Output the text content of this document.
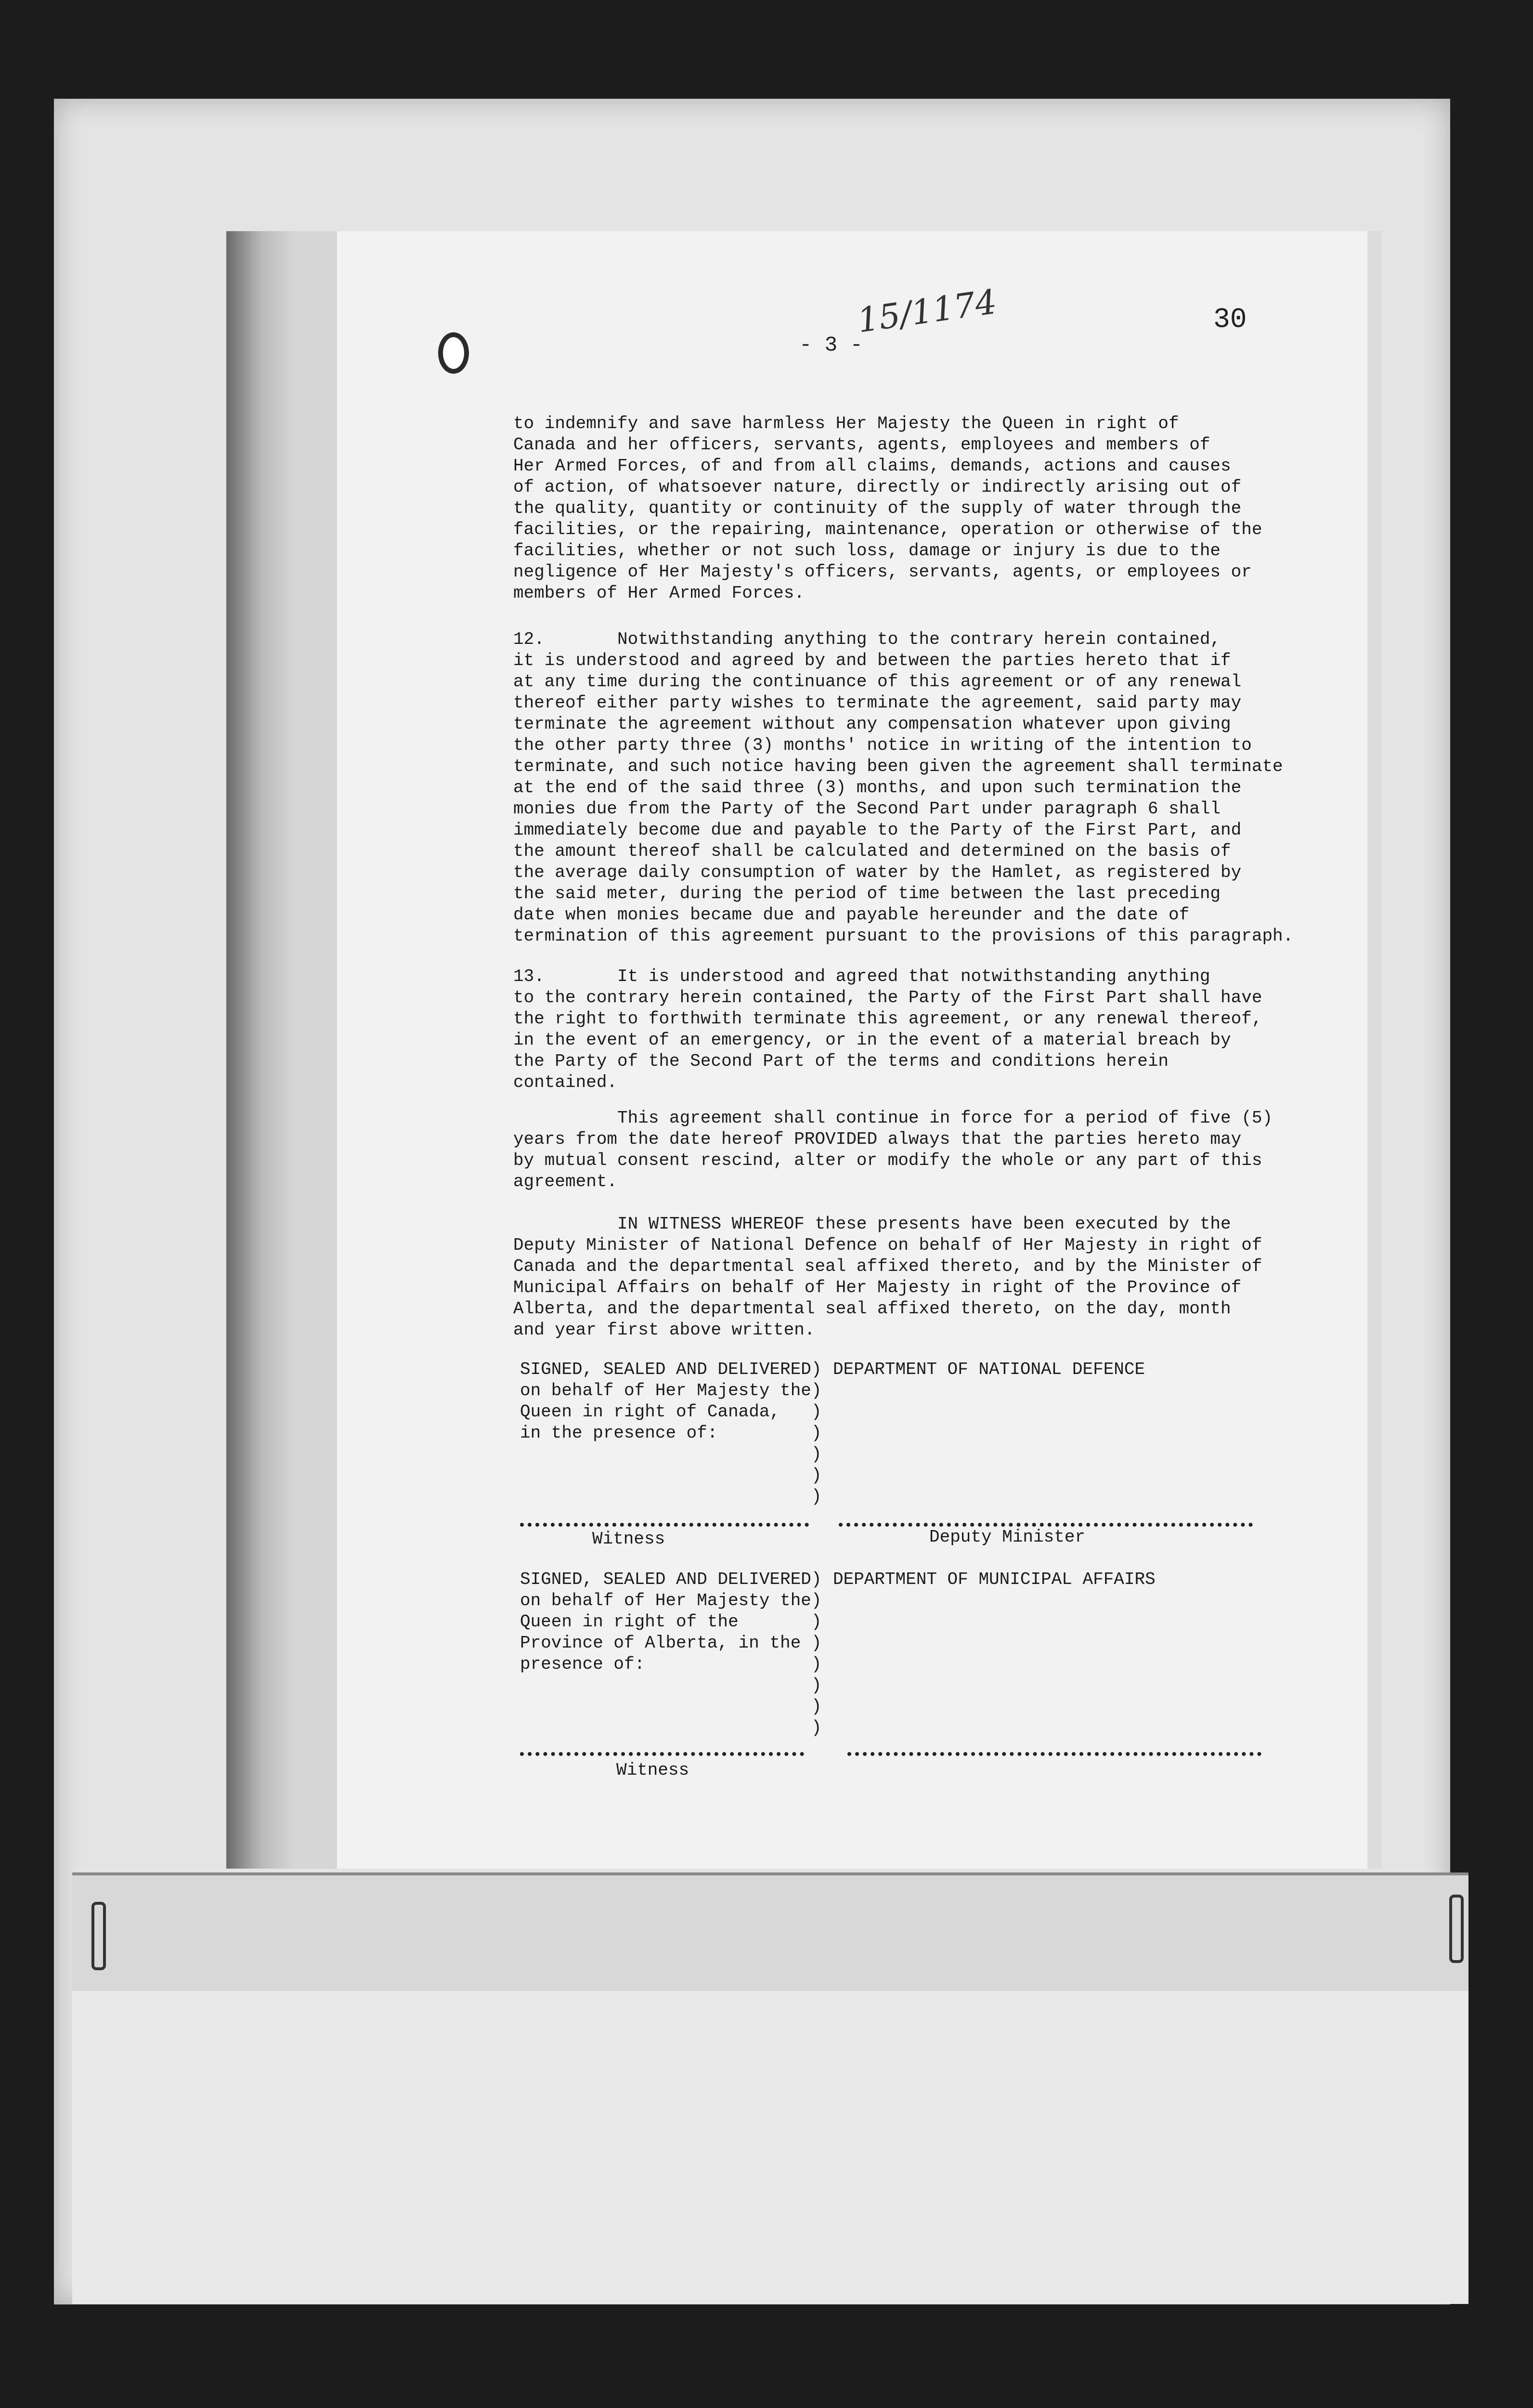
15/1174
- 3 -
30
to indemnify and save harmless Her Majesty the Queen in right of
Canada and her officers, servants, agents, employees and members of
Her Armed Forces, of and from all claims, demands, actions and causes
of action, of whatsoever nature, directly or indirectly arising out of
the quality, quantity or continuity of the supply of water through the
facilities, or the repairing, maintenance, operation or otherwise of the
facilities, whether or not such loss, damage or injury is due to the
negligence of Her Majesty's officers, servants, agents, or employees or
members of Her Armed Forces.
12.       Notwithstanding anything to the contrary herein contained,
it is understood and agreed by and between the parties hereto that if
at any time during the continuance of this agreement or of any renewal
thereof either party wishes to terminate the agreement, said party may
terminate the agreement without any compensation whatever upon giving
the other party three (3) months' notice in writing of the intention to
terminate, and such notice having been given the agreement shall terminate
at the end of the said three (3) months, and upon such termination the
monies due from the Party of the Second Part under paragraph 6 shall
immediately become due and payable to the Party of the First Part, and
the amount thereof shall be calculated and determined on the basis of
the average daily consumption of water by the Hamlet, as registered by
the said meter, during the period of time between the last preceding
date when monies became due and payable hereunder and the date of
termination of this agreement pursuant to the provisions of this paragraph.
13.       It is understood and agreed that notwithstanding anything
to the contrary herein contained, the Party of the First Part shall have
the right to forthwith terminate this agreement, or any renewal thereof,
in the event of an emergency, or in the event of a material breach by
the Party of the Second Part of the terms and conditions herein
contained.
This agreement shall continue in force for a period of five (5)
years from the date hereof PROVIDED always that the parties hereto may
by mutual consent rescind, alter or modify the whole or any part of this
agreement.
IN WITNESS WHEREOF these presents have been executed by the
Deputy Minister of National Defence on behalf of Her Majesty in right of
Canada and the departmental seal affixed thereto, and by the Minister of
Municipal Affairs on behalf of Her Majesty in right of the Province of
Alberta, and the departmental seal affixed thereto, on the day, month
and year first above written.
SIGNED, SEALED AND DELIVERED)
on behalf of Her Majesty the)
Queen in right of Canada,   )
in the presence of:         )
)
)
)
DEPARTMENT OF NATIONAL DEFENCE
Witness	Deputy Minister
SIGNED, SEALED AND DELIVERED)
on behalf of Her Majesty the)
Queen in right of the       )
Province of Alberta, in the )
presence of:                )
)
)
)
DEPARTMENT OF MUNICIPAL AFFAIRS
Witness
